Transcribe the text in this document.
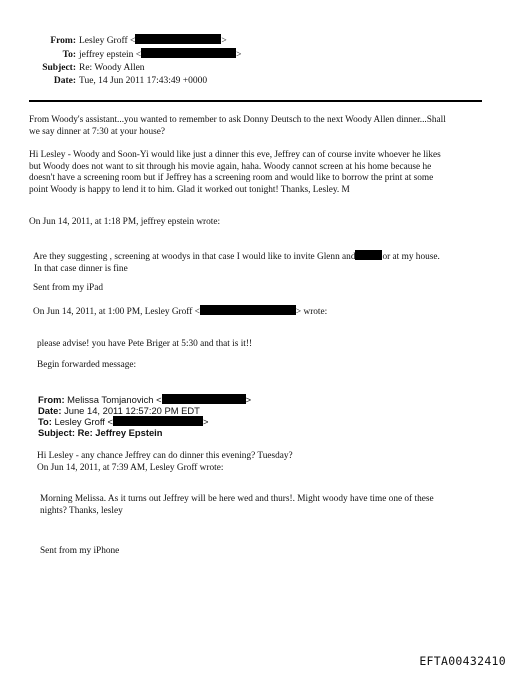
From: Lesley Groff <	>
To: jeffrey epstein <	>
Subject: Re: Woody Allen
Date: Tue, 14 Jun 2011 17:43:49 +0000
From Woody's assistant...you wanted to remember to ask Donny Deutsch to the next Woody Allen dinner...Shall
we say dinner at 7:30 at your house?
Hi Lesley - Woody and Soon-Yi would like just a dinner this eve, Jeffrey can of course invite whoever he likes
but Woody does not want to sit through his movie again, haha. Woody cannot screen at his home because he
doesn't have a screening room but if Jeffrey has a screening room and would like to borrow the print at some
point Woody is happy to lend it to him. Glad it worked out tonight! Thanks, Lesley. M
On Jun 14, 2011, at 1:18 PM, jeffrey epstein wrote:
Are they suggesting , screening at woodys in that case I would like to invite Glenn and	or at my house.
In that case dinner is fine
Sent from my iPad
On Jun 14, 2011, at 1:00 PM, Lesley Groff <	> wrote:
please advise! you have Pete Briger at 5:30 and that is it!!
Begin forwarded message:
From: Melissa Tomjanovich <	>
Date: June 14, 2011 12:57:20 PM EDT
To: Lesley Groff <	>
Subject: Re: Jeffrey Epstein
Hi Lesley - any chance Jeffrey can do dinner this evening? Tuesday?
On Jun 14, 2011, at 7:39 AM, Lesley Groff wrote:
Morning Melissa. As it turns out Jeffrey will be here wed and thurs!. Might woody have time one of these
nights? Thanks, lesley
Sent from my iPhone
EFTA00432410
